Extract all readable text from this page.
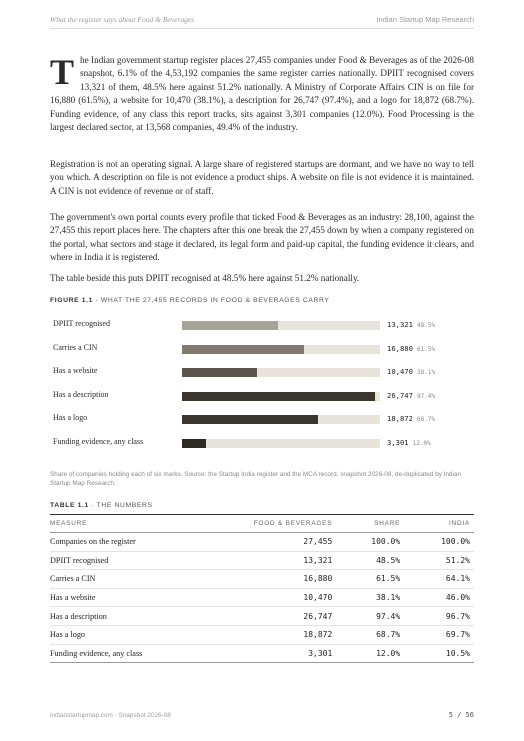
What the register says about Food & Beverages	Indian Startup Map Research

The Indian government startup register places 27,455 companies under Food & Beverages as of the 2026-08 snapshot, 6.1% of the 4,53,192 companies the same register carries nationally. DPIIT recognised covers 13,321 of them, 48.5% here against 51.2% nationally. A Ministry of Corporate Affairs CIN is on file for 16,880 (61.5%), a website for 10,470 (38.1%), a description for 26,747 (97.4%), and a logo for 18,872 (68.7%). Funding evidence, of any class this report tracks, sits against 3,301 companies (12.0%). Food Processing is the largest declared sector, at 13,568 companies, 49.4% of the industry.

Registration is not an operating signal. A large share of registered startups are dormant, and we have no way to tell you which. A description on file is not evidence a product ships. A website on file is not evidence it is maintained. A CIN is not evidence of revenue or of staff.

The government's own portal counts every profile that ticked Food & Beverages as an industry: 28,100, against the 27,455 this report places here. The chapters after this one break the 27,455 down by when a company registered on the portal, what sectors and stage it declared, its legal form and paid-up capital, the funding evidence it clears, and where in India it is registered.

The table beside this puts DPIIT recognised at 48.5% here against 51.2% nationally.

FIGURE 1.1 · WHAT THE 27,455 RECORDS IN FOOD & BEVERAGES CARRY
DPIIT recognised	13,321 48.5%
Carries a CIN	16,880 61.5%
Has a website	10,470 38.1%
Has a description	26,747 97.4%
Has a logo	18,872 68.7%
Funding evidence, any class	3,301 12.0%
Share of companies holding each of six marks. Source: the Startup India register and the MCA record, snapshot 2026-08, de-duplicated by Indian Startup Map Research.
TABLE 1.1 · THE NUMBERS
MEASURE	FOOD & BEVERAGES	SHARE	INDIA
Companies on the register	27,455	100.0%	100.0%
DPIIT recognised	13,321	48.5%	51.2%
Carries a CIN	16,880	61.5%	64.1%
Has a website	10,470	38.1%	46.0%
Has a description	26,747	97.4%	96.7%
Has a logo	18,872	68.7%	69.7%
Funding evidence, any class	3,301	12.0%	10.5%
indianstartupmap.com · Snapshot 2026-08	5 / 56
